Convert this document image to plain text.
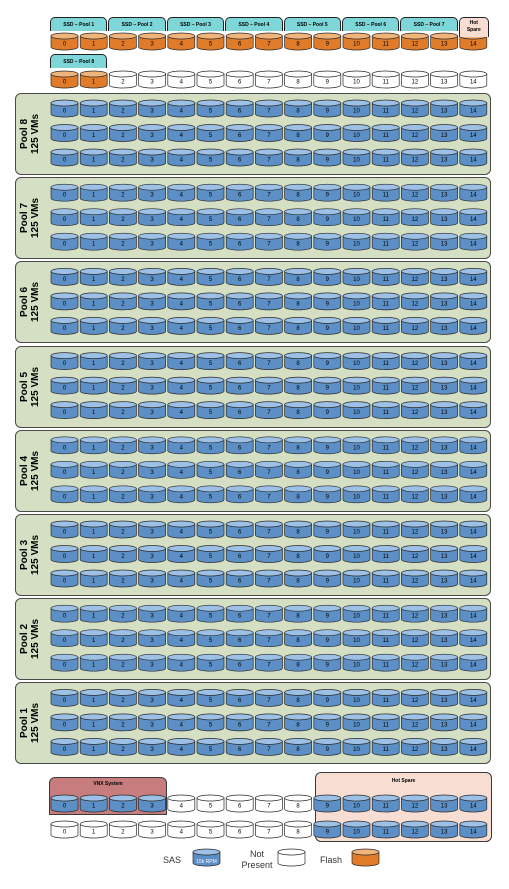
Pool 8 125 VMs
Pool 7 125 VMs
Pool 6 125 VMs
Pool 5 125 VMs
Pool 4 125 VMs
Pool 3 125 VMs
Pool 2 125 VMs
Pool 1 125 VMs
VNX System	Hot Spare
0	1	2	3	4	5	6	7	8	9	10	11	12	13	14
0	1	2	3	4	5	6	7	8	9	10	11	12	13	14
0	1	2	3	4	5	6	7	8	9	10	11	12	13	14
0	1	2	3	4	5	6	7	8	9	10	11	12	13	14
0	1	2	3	4	5	6	7	8	9	10	11	12	13	14
0	1	2	3	4	5	6	7	8	9	10	11	12	13	14
0	1	2	3	4	5	6	7	8	9	10	11	12	13	14
0	1	2	3	4	5	6	7	8	9	10	11	12	13	14
0	1	2	3	4	5	6	7	8	9	10	11	12	13	14
0	1	2	3	4	5	6	7	8	9	10	11	12	13	14
0	1	2	3	4	5	6	7	8	9	10	11	12	13	14
0	1	2	3	4	5	6	7	8	9	10	11	12	13	14
0	1	2	3	4	5	6	7	8	9	10	11	12	13	14
0	1	2	3	4	5	6	7	8	9	10	11	12	13	14
0	1	2	3	4	5	6	7	8	9	10	11	12	13	14
0	1	2	3	4	5	6	7	8	9	10	11	12	13	14
0	1	2	3	4	5	6	7	8	9	10	11	12	13	14
0	1	2	3	4	5	6	7	8	9	10	11	12	13	14
0	1	2	3	4	5	6	7	8	9	10	11	12	13	14
0	1	2	3	4	5	6	7	8	9	10	11	12	13	14
0	1	2	3	4	5	6	7	8	9	10	11	12	13	14
0	1	2	3	4	5	6	7	8	9	10	11	12	13	14
0	1	2	3	4	5	6	7	8	9	10	11	12	13	14
0	1	2	3	4	5	6	7	8	9	10	11	12	13	14
0	1	2	3	4	5	6	7	8	9	10	11	12	13	14
0	1	2	3	4	5	6	7	8	9	10	11	12	13	14
0	1	2	3	4	5	6	7	8	9	10	11	12	13	14
0	1	2	3	4	5	6	7	8	9	10	11	12	13	14
15k RPM
SAS
Not
Present	Flash
SSD – Pool 1	SSD – Pool 2	SSD – Pool 3	SSD – Pool 4	SSD – Pool 5	SSD – Pool 6	SSD – Pool 7	Hot
Spare
SSD – Pool 8
